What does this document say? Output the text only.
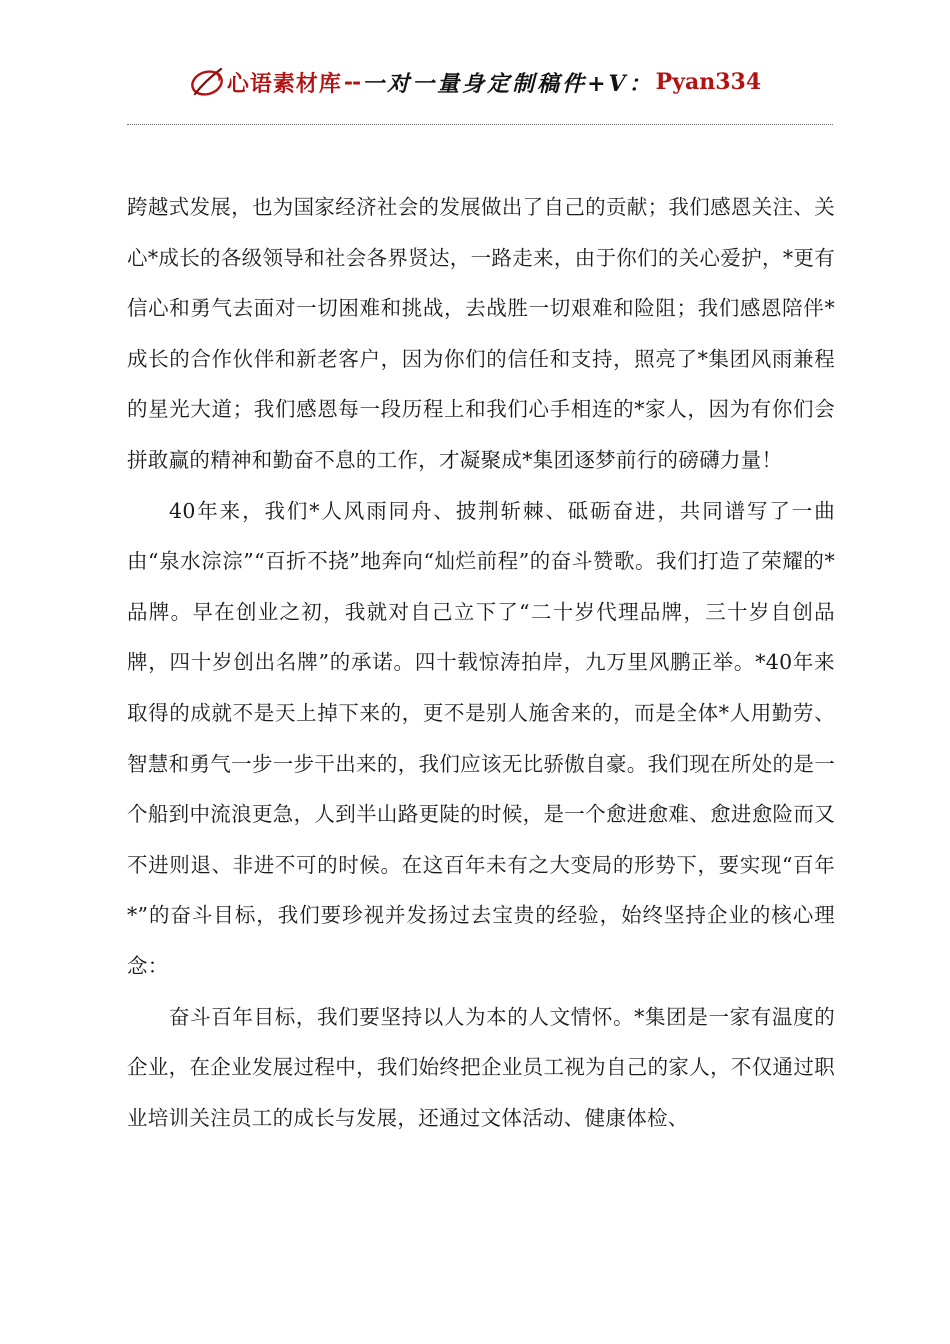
心语素材库 -- 一对一量身定制稿件+V： Pyan334

跨越式发展，也为国家经济社会的发展做出了自己的贡献；我们感恩关注、关心*成长的各级领导和社会各界贤达，一路走来，由于你们的关心爱护，*更有信心和勇气去面对一切困难和挑战，去战胜一切艰难和险阻；我们感恩陪伴*成长的合作伙伴和新老客户，因为你们的信任和支持，照亮了*集团风雨兼程的星光大道；我们感恩每一段历程上和我们心手相连的*家人，因为有你们会拼敢赢的精神和勤奋不息的工作，才凝聚成*集团逐梦前行的磅礴力量！

40年来，我们*人风雨同舟、披荆斩棘、砥砺奋进，共同谱写了一曲由“泉水淙淙”“百折不挠”地奔向“灿烂前程”的奋斗赞歌。我们打造了荣耀的*品牌。早在创业之初，我就对自己立下了“二十岁代理品牌，三十岁自创品牌，四十岁创出名牌”的承诺。四十载惊涛拍岸，九万里风鹏正举。*40年来取得的成就不是天上掉下来的，更不是别人施舍来的，而是全体*人用勤劳、智慧和勇气一步一步干出来的，我们应该无比骄傲自豪。我们现在所处的是一个船到中流浪更急，人到半山路更陡的时候，是一个愈进愈难、愈进愈险而又不进则退、非进不可的时候。在这百年未有之大变局的形势下，要实现“百年*”的奋斗目标，我们要珍视并发扬过去宝贵的经验，始终坚持企业的核心理念：

奋斗百年目标，我们要坚持以人为本的人文情怀。*集团是一家有温度的企业，在企业发展过程中，我们始终把企业员工视为自己的家人，不仅通过职业培训关注员工的成长与发展，还通过文体活动、健康体检、
